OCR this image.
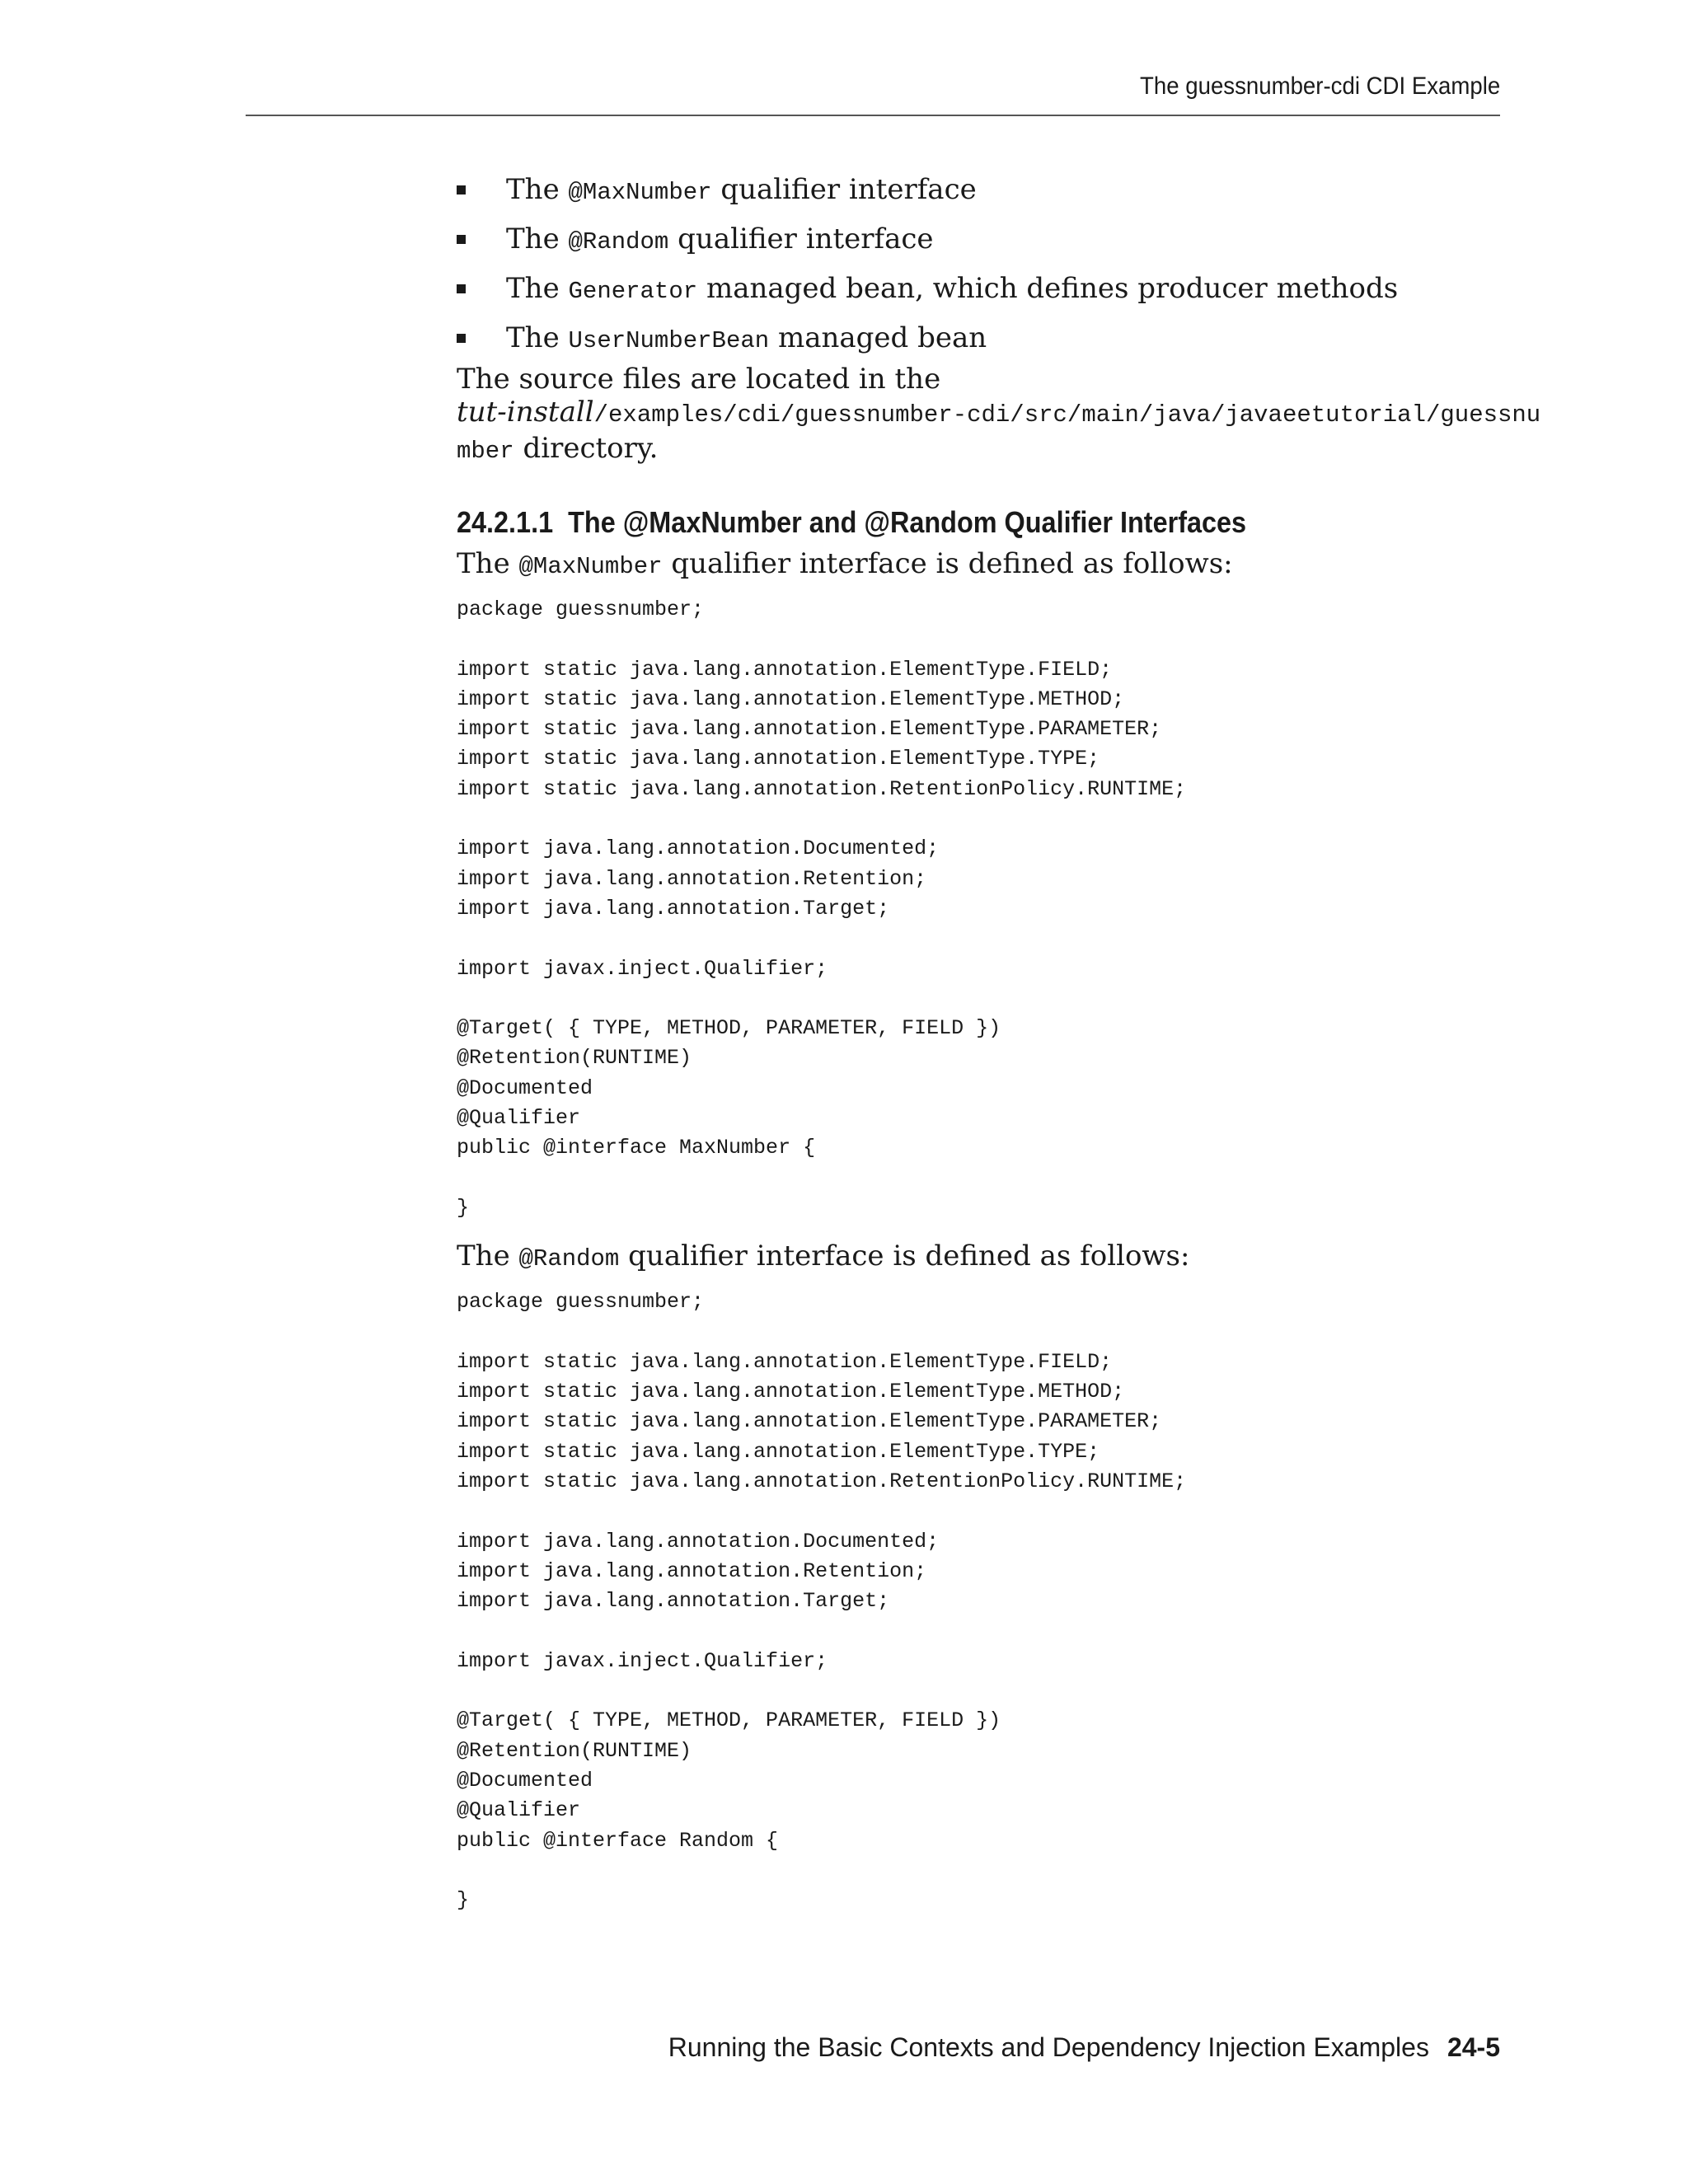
The guessnumber-cdi CDI Example
The @MaxNumber qualifier interface
The @Random qualifier interface
The Generator managed bean, which defines producer methods
The UserNumberBean managed bean

The source files are located in the
tut-install/examples/cdi/guessnumber-cdi/src/main/java/javaeetutorial/guessnu
mber directory.

24.2.1.1 The @MaxNumber and @Random Qualifier Interfaces

The @MaxNumber qualifier interface is defined as follows:

package guessnumber;

import static java.lang.annotation.ElementType.FIELD;
import static java.lang.annotation.ElementType.METHOD;
import static java.lang.annotation.ElementType.PARAMETER;
import static java.lang.annotation.ElementType.TYPE;
import static java.lang.annotation.RetentionPolicy.RUNTIME;

import java.lang.annotation.Documented;
import java.lang.annotation.Retention;
import java.lang.annotation.Target;

import javax.inject.Qualifier;

@Target( { TYPE, METHOD, PARAMETER, FIELD })
@Retention(RUNTIME)
@Documented
@Qualifier
public @interface MaxNumber {

}

The @Random qualifier interface is defined as follows:

package guessnumber;

import static java.lang.annotation.ElementType.FIELD;
import static java.lang.annotation.ElementType.METHOD;
import static java.lang.annotation.ElementType.PARAMETER;
import static java.lang.annotation.ElementType.TYPE;
import static java.lang.annotation.RetentionPolicy.RUNTIME;

import java.lang.annotation.Documented;
import java.lang.annotation.Retention;
import java.lang.annotation.Target;

import javax.inject.Qualifier;

@Target( { TYPE, METHOD, PARAMETER, FIELD })
@Retention(RUNTIME)
@Documented
@Qualifier
public @interface Random {

}
Running the Basic Contexts and Dependency Injection Examples 24-5
